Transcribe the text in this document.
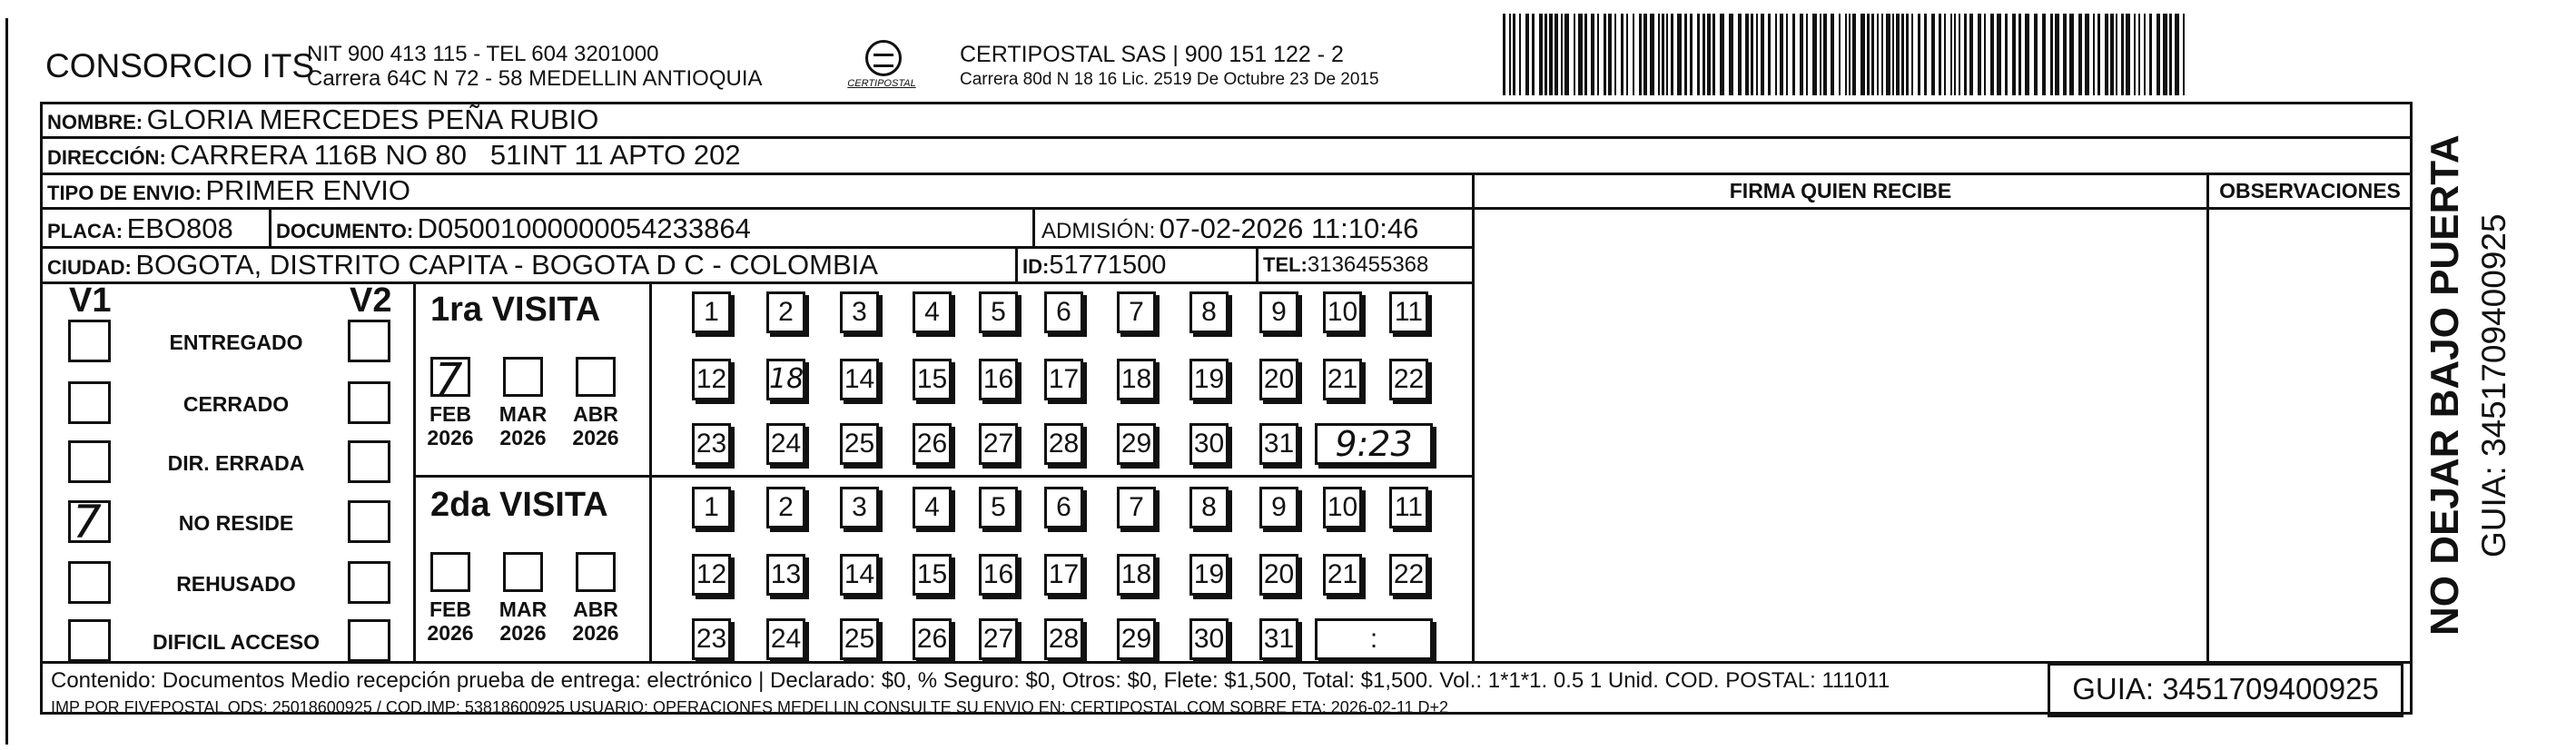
CONSORCIO ITS
NIT 900 413 115 - TEL 604 3201000
Carrera 64C N 72 - 58 MEDELLIN ANTIOQUIA	CERTIPOSTAL
CERTIPOSTAL SAS | 900 151 122 - 2
Carrera 80d N 18 16 Lic. 2519 De Octubre 23 De 2015
NOMBRE: GLORIA MERCEDES PEÑA RUBIO
DIRECCIÓN: CARRERA 116B NO 80   51INT 11 APTO 202
TIPO DE ENVIO: PRIMER ENVIO
PLACA: EBO808 DOCUMENTO: D05001000000054233864	ADMISIÓN: 07-02-2026 11:10:46
CIUDAD: BOGOTA, DISTRITO CAPITA - BOGOTA D C - COLOMBIA	ID:51771500	TEL:3136455368
FIRMA QUIEN RECIBE	OBSERVACIONES
V1	V2
ENTREGADO
CERRADO
DIR. ERRADA
7	NO RESIDE
REHUSADO
DIFICIL ACCESO
1ra VISITA
7
FEB
2026
MAR
2026
ABR
2026
1	2	3	4	5	6	7	8	9	10 11
12 18 14 15 16 17 18 19 20 21 22
23 24 25 26 27 28 29 30 31	9:23
2da VISITA
FEB
2026
MAR
2026
ABR
2026
1	2	3	4	5	6	7	8	9	10 11
12 13 14 15 16 17 18 19 20 21 22
23 24 25 26 27 28 29 30 31	:
Contenido: Documentos Medio recepción prueba de entrega: electrónico | Declarado: $0, % Seguro: $0, Otros: $0, Flete: $1,500, Total: $1,500. Vol.: 1*1*1. 0.5 1 Unid. COD. POSTAL: 111011
IMP POR FIVEPOSTAL ODS: 25018600925 / COD.IMP: 53818600925 USUARIO: OPERACIONES MEDELLIN CONSULTE SU ENVIO EN: CERTIPOSTAL.COM SOBRE ETA: 2026-02-11 D+2
GUIA: 3451709400925
NO DEJAR BAJO PUERTA GUIA: 3451709400925
